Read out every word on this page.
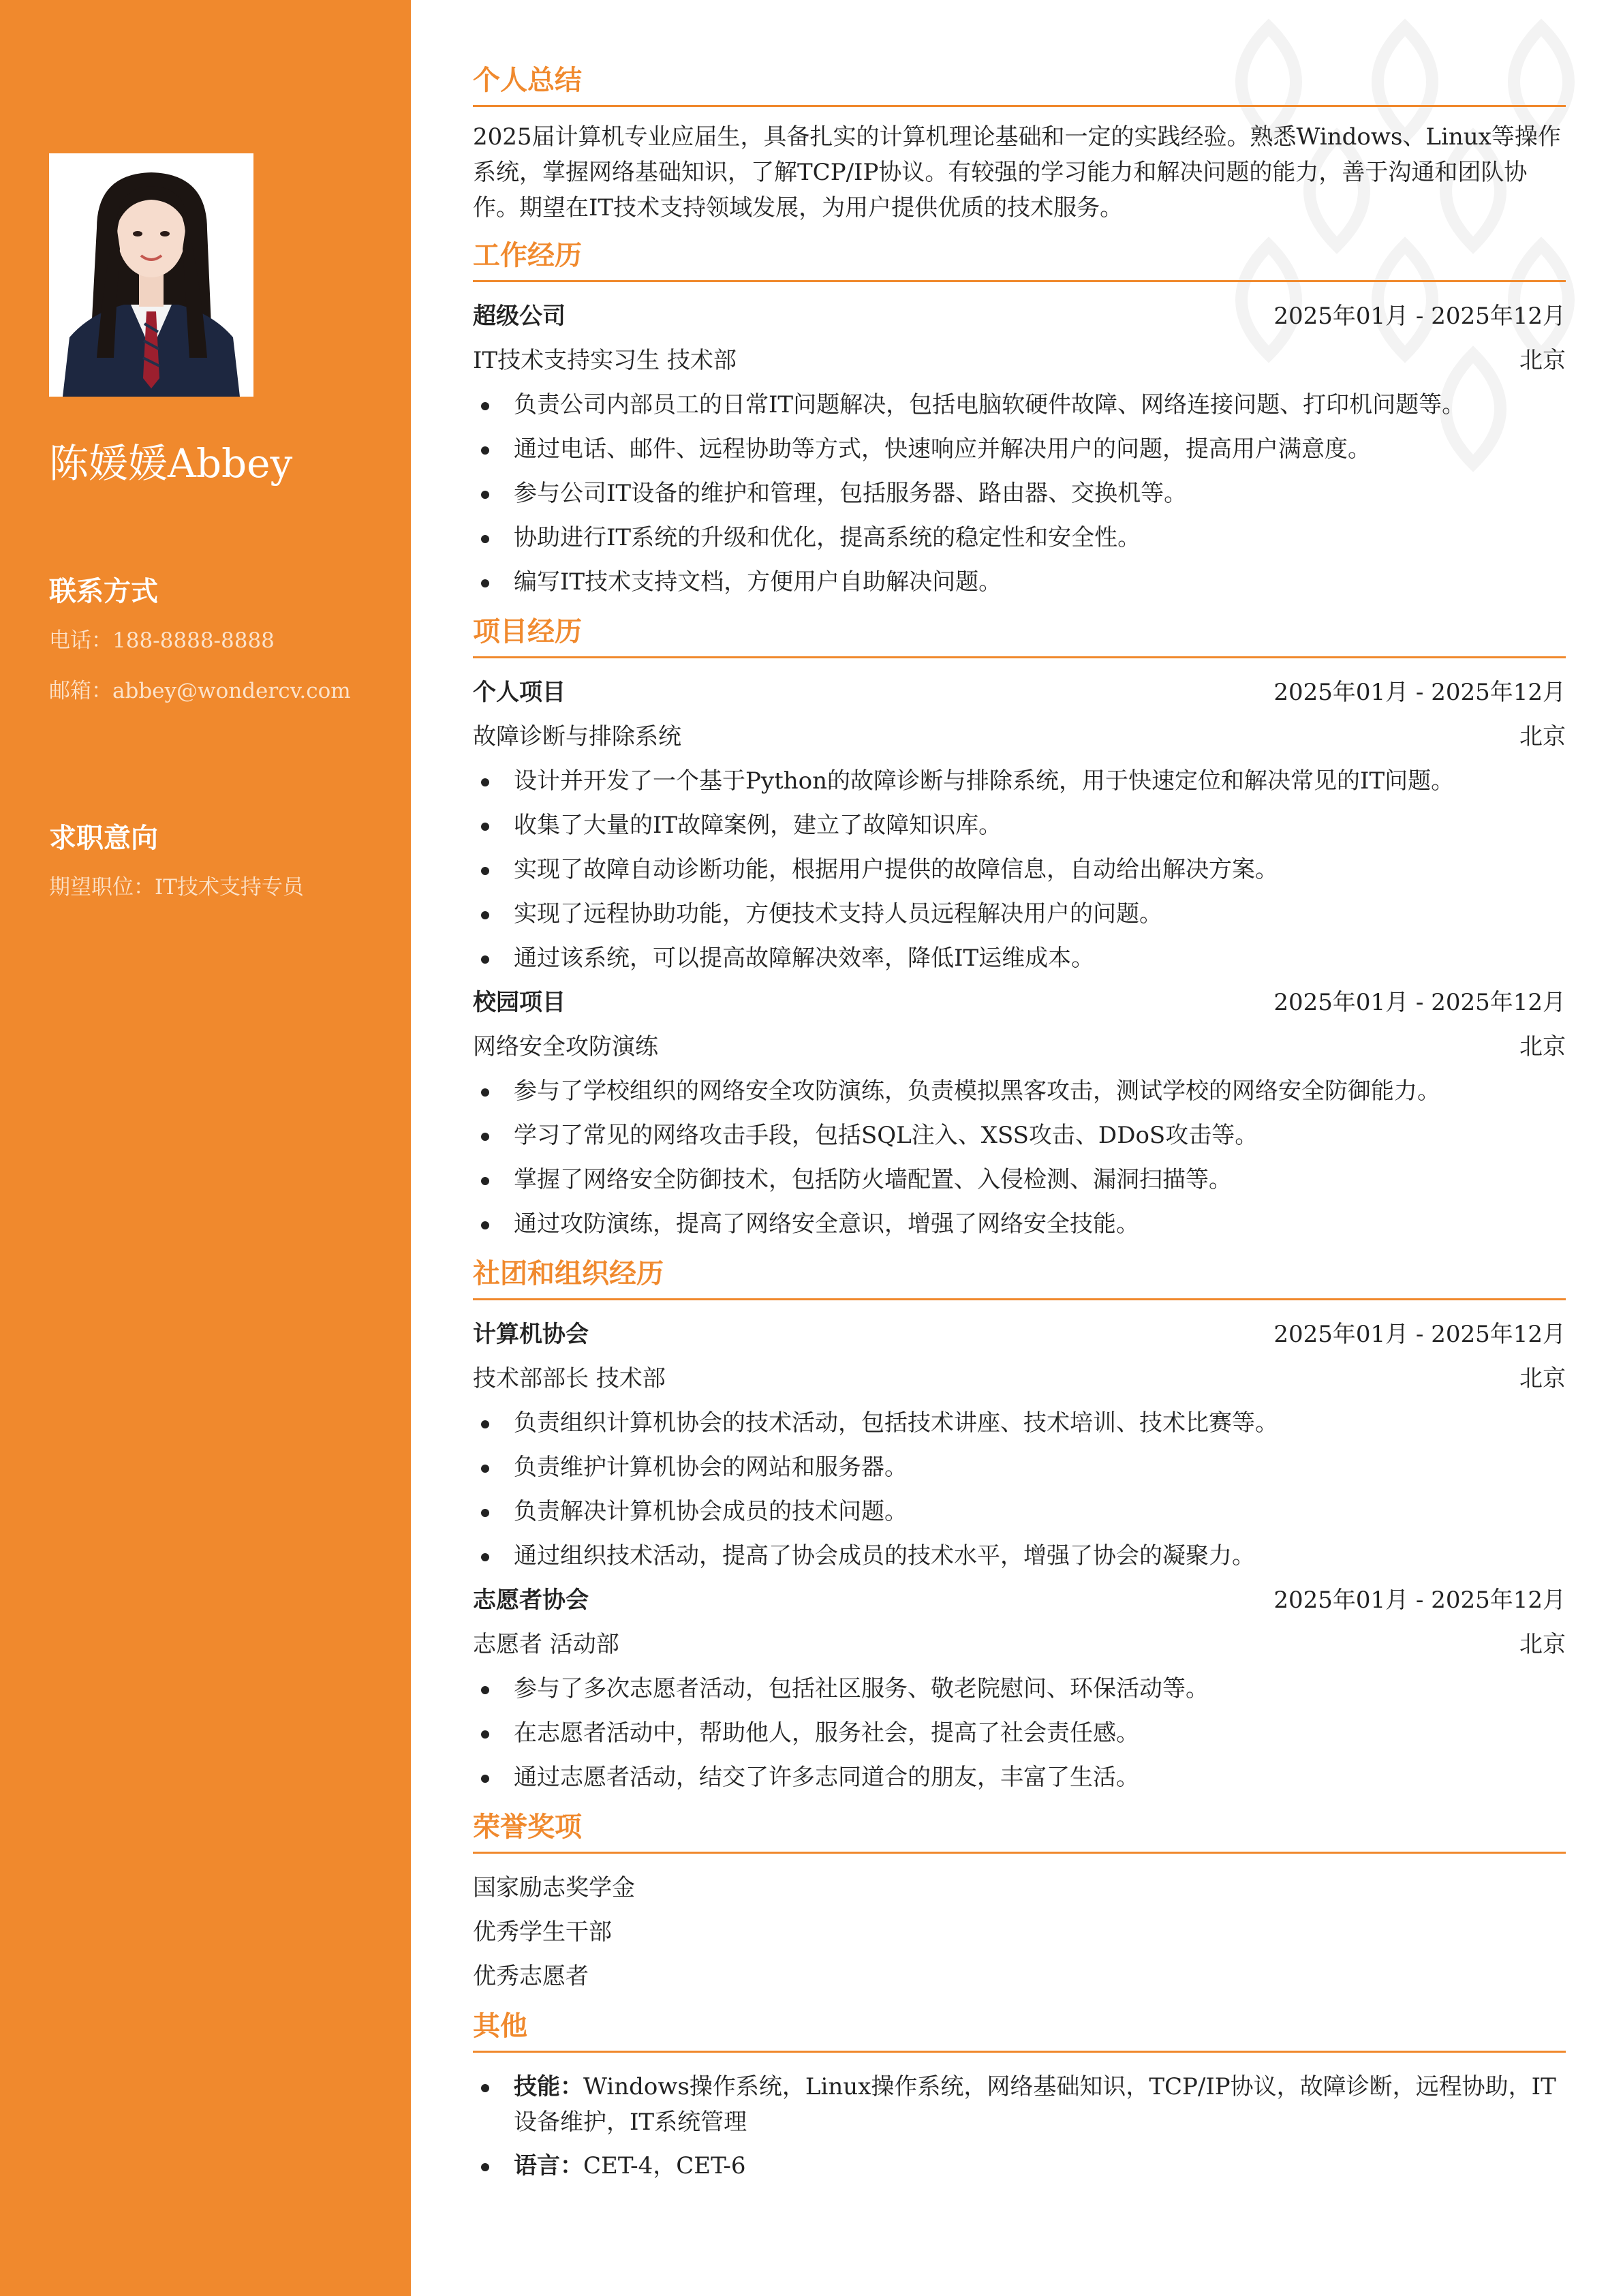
陈媛媛Abbey
联系方式
电话： 188-8888-8888
邮箱： abbey@wondercv.com
求职意向
期望职位： IT技术支持专员
个人总结
2025届计算机专业应届生，具备扎实的计算机理论基础和一定的实践经验。熟悉Windows、Linux等操作系统，掌握网络基础知识，了解TCP/IP协议。有较强的学习能力和解决问题的能力，善于沟通和团队协作。期望在IT技术支持领域发展，为用户提供优质的技术服务。
工作经历
超级公司	2025年01月 - 2025年12月
IT技术支持实习生 技术部	北京
负责公司内部员工的日常IT问题解决，包括电脑软硬件故障、网络连接问题、打印机问题等。
通过电话、邮件、远程协助等方式，快速响应并解决用户的问题，提高用户满意度。
参与公司IT设备的维护和管理，包括服务器、路由器、交换机等。
协助进行IT系统的升级和优化，提高系统的稳定性和安全性。
编写IT技术支持文档，方便用户自助解决问题。
项目经历
个人项目	2025年01月 - 2025年12月
故障诊断与排除系统	北京
设计并开发了一个基于Python的故障诊断与排除系统，用于快速定位和解决常见的IT问题。
收集了大量的IT故障案例，建立了故障知识库。
实现了故障自动诊断功能，根据用户提供的故障信息，自动给出解决方案。
实现了远程协助功能，方便技术支持人员远程解决用户的问题。
通过该系统，可以提高故障解决效率，降低IT运维成本。
校园项目	2025年01月 - 2025年12月
网络安全攻防演练	北京
参与了学校组织的网络安全攻防演练，负责模拟黑客攻击，测试学校的网络安全防御能力。
学习了常见的网络攻击手段，包括SQL注入、XSS攻击、DDoS攻击等。
掌握了网络安全防御技术，包括防火墙配置、入侵检测、漏洞扫描等。
通过攻防演练，提高了网络安全意识，增强了网络安全技能。
社团和组织经历
计算机协会	2025年01月 - 2025年12月
技术部部长 技术部	北京
负责组织计算机协会的技术活动，包括技术讲座、技术培训、技术比赛等。
负责维护计算机协会的网站和服务器。
负责解决计算机协会成员的技术问题。
通过组织技术活动，提高了协会成员的技术水平，增强了协会的凝聚力。
志愿者协会	2025年01月 - 2025年12月
志愿者 活动部	北京
参与了多次志愿者活动，包括社区服务、敬老院慰问、环保活动等。
在志愿者活动中，帮助他人，服务社会，提高了社会责任感。
通过志愿者活动，结交了许多志同道合的朋友，丰富了生活。
荣誉奖项
国家励志奖学金
优秀学生干部
优秀志愿者
其他
技能：Windows操作系统，Linux操作系统，网络基础知识，TCP/IP协议，故障诊断，远程协助，IT设备维护，IT系统管理
语言：CET-4，CET-6
